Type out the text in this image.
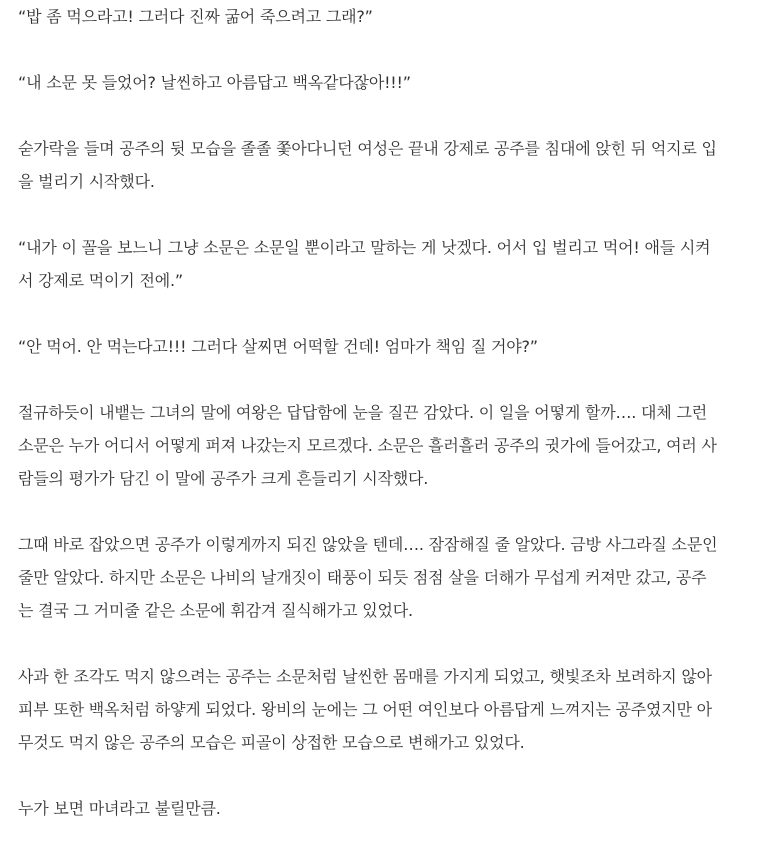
“밥 좀 먹으라고! 그러다 진짜 굶어 죽으려고 그래?”

“내 소문 못 들었어? 날씬하고 아름답고 백옥같다잖아!!!”

숟가락을 들며 공주의 뒷 모습을 졸졸 쫓아다니던 여성은 끝내 강제로 공주를 침대에 앉힌 뒤 억지로 입
을 벌리기 시작했다.

“내가 이 꼴을 보느니 그냥 소문은 소문일 뿐이라고 말하는 게 낫겠다. 어서 입 벌리고 먹어! 애들 시켜
서 강제로 먹이기 전에.”

“안 먹어. 안 먹는다고!!! 그러다 살찌면 어떡할 건데! 엄마가 책임 질 거야?”

절규하듯이 내뱉는 그녀의 말에 여왕은 답답함에 눈을 질끈 감았다. 이 일을 어떻게 할까…. 대체 그런
소문은 누가 어디서 어떻게 퍼져 나갔는지 모르겠다. 소문은 흘러흘러 공주의 귓가에 들어갔고, 여러 사
람들의 평가가 담긴 이 말에 공주가 크게 흔들리기 시작했다.

그때 바로 잡았으면 공주가 이렇게까지 되진 않았을 텐데…. 잠잠해질 줄 알았다. 금방 사그라질 소문인
줄만 알았다. 하지만 소문은 나비의 날개짓이 태풍이 되듯 점점 살을 더해가 무섭게 커져만 갔고, 공주
는 결국 그 거미줄 같은 소문에 휘감겨 질식해가고 있었다.

사과 한 조각도 먹지 않으려는 공주는 소문처럼 날씬한 몸매를 가지게 되었고, 햇빛조차 보려하지 않아
피부 또한 백옥처럼 하얗게 되었다. 왕비의 눈에는 그 어떤 여인보다 아름답게 느껴지는 공주였지만 아
무것도 먹지 않은 공주의 모습은 피골이 상접한 모습으로 변해가고 있었다.

누가 보면 마녀라고 불릴만큼.
